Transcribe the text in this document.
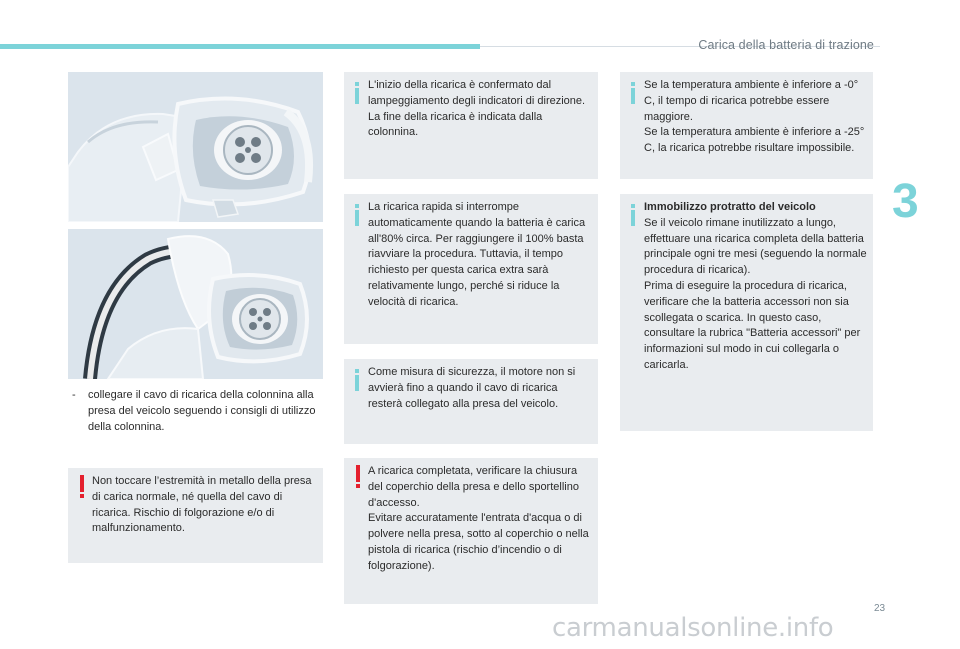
Carica della batteria di trazione
3
- collegare il cavo di ricarica della colonnina alla presa del veicolo seguendo i consigli di utilizzo della colonnina.

Non toccare l’estremità in metallo della presa di carica normale, né quella del cavo di ricarica. Rischio di folgorazione e/o di malfunzionamento.

L'inizio della ricarica è confermato dal lampeggiamento degli indicatori di direzione.

La fine della ricarica è indicata dalla colonnina.

La ricarica rapida si interrompe automaticamente quando la batteria è carica all'80% circa. Per raggiungere il 100% basta riavviare la procedura. Tuttavia, il tempo richiesto per questa carica extra sarà relativamente lungo, perché si riduce la velocità di ricarica.

Come misura di sicurezza, il motore non si avvierà fino a quando il cavo di ricarica resterà collegato alla presa del veicolo.

A ricarica completata, verificare la chiusura del coperchio della presa e dello sportellino d'accesso.

Evitare accuratamente l'entrata d'acqua o di polvere nella presa, sotto al coperchio o nella pistola di ricarica (rischio d’incendio o di folgorazione).

Se la temperatura ambiente è inferiore a -0° C, il tempo di ricarica potrebbe essere maggiore.

Se la temperatura ambiente è inferiore a -25° C, la ricarica potrebbe risultare impossibile.

Immobilizzo protratto del veicolo

Se il veicolo rimane inutilizzato a lungo, effettuare una ricarica completa della batteria principale ogni tre mesi (seguendo la normale procedura di ricarica).

Prima di eseguire la procedura di ricarica, verificare che la batteria accessori non sia scollegata o scarica. In questo caso, consultare la rubrica "Batteria accessori" per informazioni sul modo in cui collegarla o caricarla.

23
carmanualsonline.info
